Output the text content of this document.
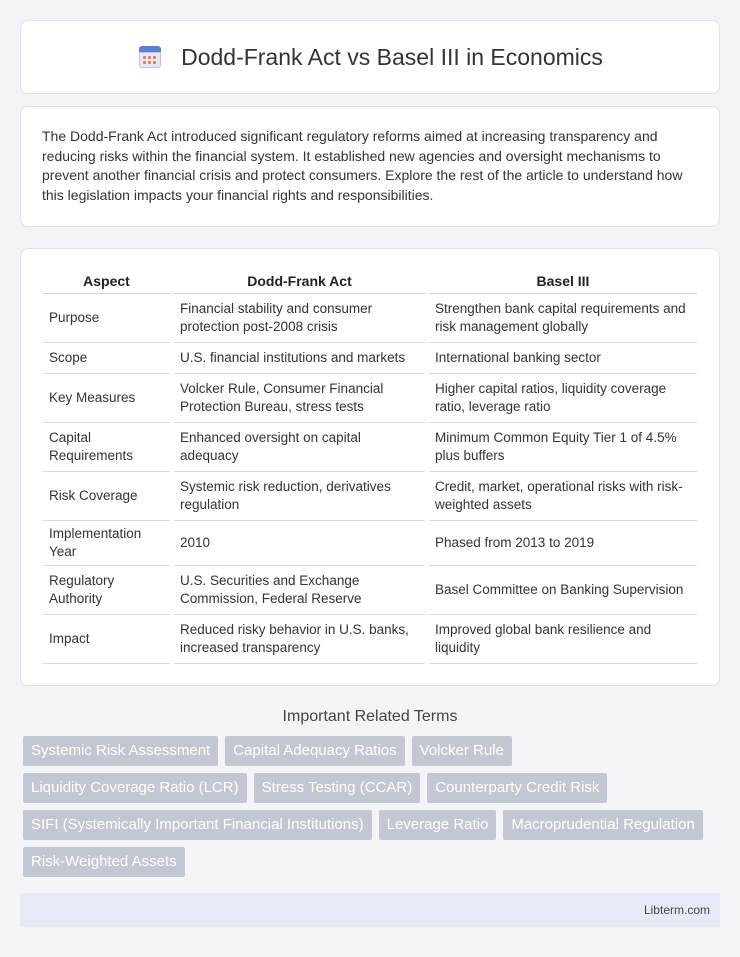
Dodd-Frank Act vs Basel III in Economics

The Dodd-Frank Act introduced significant regulatory reforms aimed at increasing transparency and reducing risks within the financial system. It established new agencies and oversight mechanisms to prevent another financial crisis and protect consumers. Explore the rest of the article to understand how this legislation impacts your financial rights and responsibilities.

Aspect	Dodd-Frank Act	Basel III
Purpose	Financial stability and consumer protection post-2008 crisis	Strengthen bank capital requirements and risk management globally
Scope	U.S. financial institutions and markets	International banking sector
Key Measures	Volcker Rule, Consumer Financial Protection Bureau, stress tests	Higher capital ratios, liquidity coverage ratio, leverage ratio
Capital Requirements	Enhanced oversight on capital adequacy	Minimum Common Equity Tier 1 of 4.5% plus buffers
Risk Coverage	Systemic risk reduction, derivatives regulation	Credit, market, operational risks with risk-weighted assets
Implementation Year	2010	Phased from 2013 to 2019
Regulatory Authority	U.S. Securities and Exchange Commission, Federal Reserve	Basel Committee on Banking Supervision
Impact	Reduced risky behavior in U.S. banks, increased transparency	Improved global bank resilience and liquidity
Important Related Terms
Systemic Risk Assessment	Capital Adequacy Ratios	Volcker Rule
Liquidity Coverage Ratio (LCR)	Stress Testing (CCAR)	Counterparty Credit Risk
SIFI (Systemically Important Financial Institutions)	Leverage Ratio	Macroprudential Regulation
Risk-Weighted Assets
Libterm.com
